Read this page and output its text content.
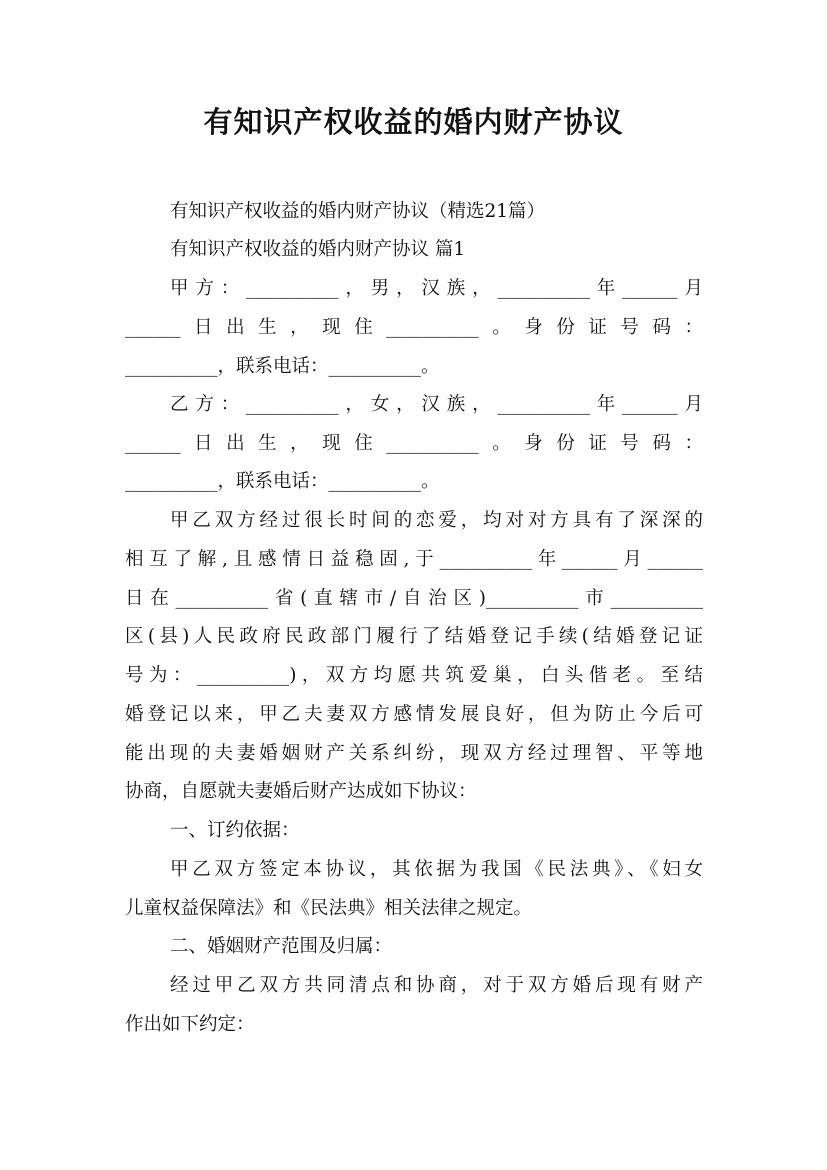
有知识产权收益的婚内财产协议
有知识产权收益的婚内财产协议（精选21篇）
有知识产权收益的婚内财产协议 篇1
甲方：__________，男，汉族，__________年______月
______日出生，现住__________。身份证号码：
__________，联系电话：__________。
乙方：__________，女，汉族，__________年______月
______日出生，现住__________。身份证号码：
__________，联系电话：__________。
甲乙双方经过很长时间的恋爱，均对对方具有了深深的
相互了解,且感情日益稳固,于__________年______月______
日在__________省(直辖市/自治区)__________市__________
区(县)人民政府民政部门履行了结婚登记手续(结婚登记证
号为：__________)，双方均愿共筑爱巢，白头偕老。至结
婚登记以来，甲乙夫妻双方感情发展良好，但为防止今后可
能出现的夫妻婚姻财产关系纠纷，现双方经过理智、平等地
协商，自愿就夫妻婚后财产达成如下协议：
一、订约依据：
甲乙双方签定本协议，其依据为我国《民法典》、《妇女
儿童权益保障法》和《民法典》相关法律之规定。
二、婚姻财产范围及归属：
经过甲乙双方共同清点和协商，对于双方婚后现有财产
作出如下约定：
